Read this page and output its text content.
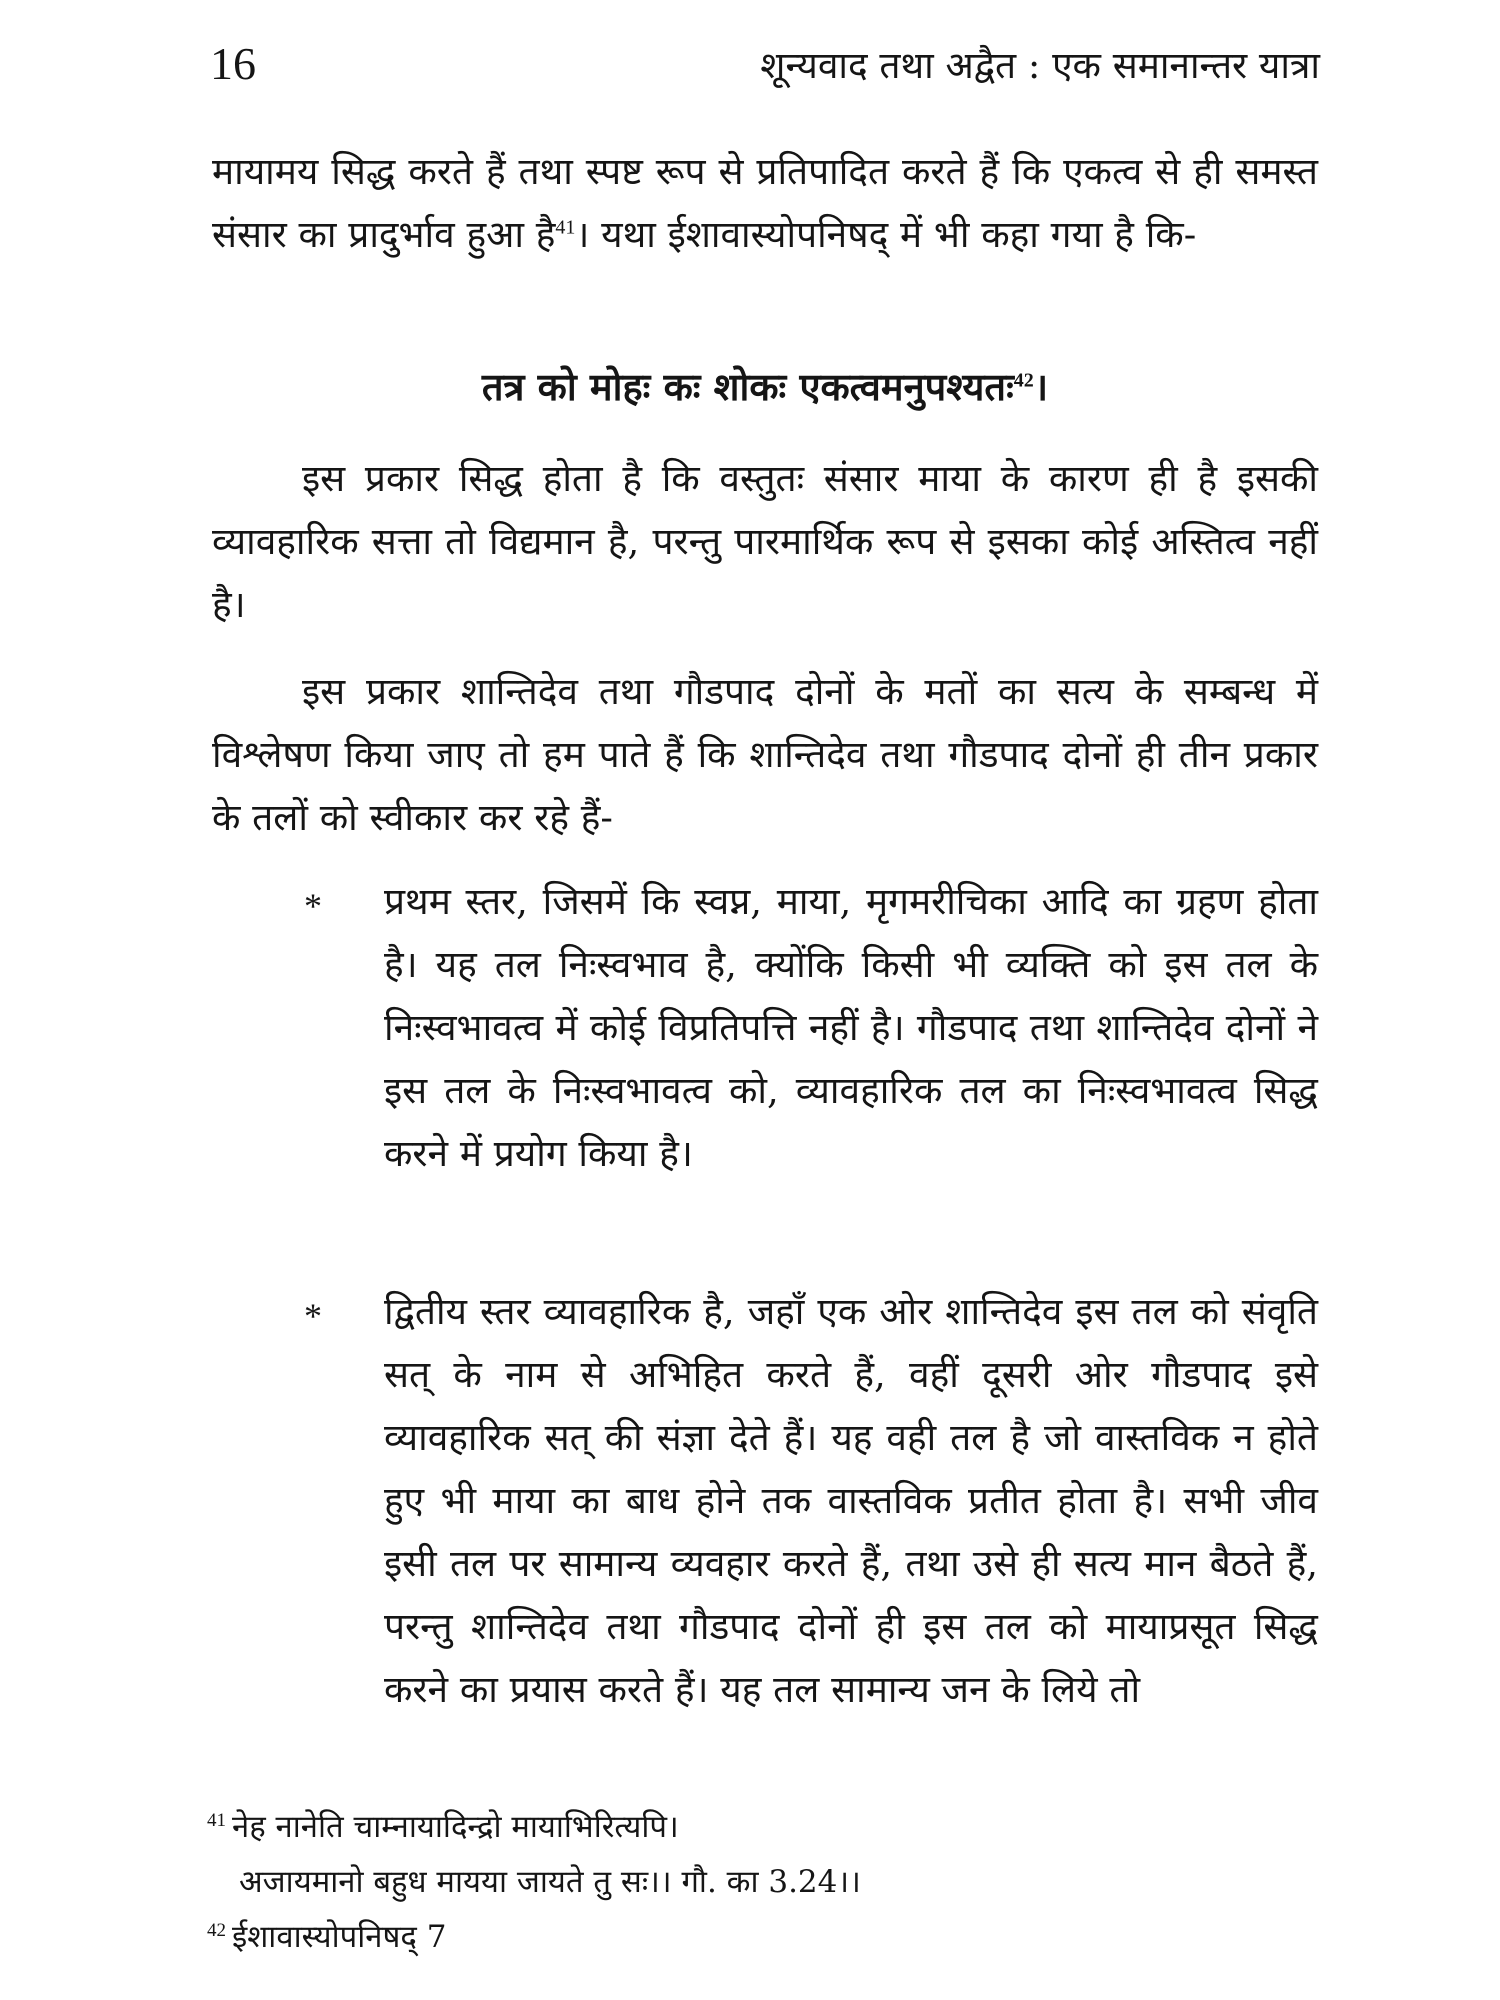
16	शून्यवाद तथा अद्वैत : एक समानान्तर यात्रा
मायामय सिद्ध करते हैं तथा स्पष्ट रूप से प्रतिपादित करते हैं कि एकत्व से ही समस्त संसार का प्रादुर्भाव हुआ है$^{41}$। यथा ईशावास्योपनिषद् में भी कहा गया है कि-
तत्र को मोहः कः शोकः एकत्वमनुपश्यतः$^{42}$।
इस प्रकार सिद्ध होता है कि वस्तुतः संसार माया के कारण ही है इसकी व्यावहारिक सत्ता तो विद्यमान है, परन्तु पारमार्थिक रूप से इसका कोई अस्तित्व नहीं है।
इस प्रकार शान्तिदेव तथा गौडपाद दोनों के मतों का सत्य के सम्बन्ध में विश्लेषण किया जाए तो हम पाते हैं कि शान्तिदेव तथा गौडपाद दोनों ही तीन प्रकार के तलों को स्वीकार कर रहे हैं-
* प्रथम स्तर, जिसमें कि स्वप्न, माया, मृगमरीचिका आदि का ग्रहण होता है। यह तल निःस्वभाव है, क्योंकि किसी भी व्यक्ति को इस तल के निःस्वभावत्व में कोई विप्रतिपत्ति नहीं है। गौडपाद तथा शान्तिदेव दोनों ने इस तल के निःस्वभावत्व को, व्यावहारिक तल का निःस्वभावत्व सिद्ध करने में प्रयोग किया है।
* द्वितीय स्तर व्यावहारिक है, जहाँ एक ओर शान्तिदेव इस तल को संवृति सत् के नाम से अभिहित करते हैं, वहीं दूसरी ओर गौडपाद इसे व्यावहारिक सत् की संज्ञा देते हैं। यह वही तल है जो वास्तविक न होते हुए भी माया का बाध होने तक वास्तविक प्रतीत होता है। सभी जीव इसी तल पर सामान्य व्यवहार करते हैं, तथा उसे ही सत्य मान बैठते हैं, परन्तु शान्तिदेव तथा गौडपाद दोनों ही इस तल को मायाप्रसूत सिद्ध करने का प्रयास करते हैं। यह तल सामान्य जन के लिये तो
$^{41}$ नेह नानेति चाम्नायादिन्द्रो मायाभिरित्यपि।
अजायमानो बहुध मायया जायते तु सः।। गौ. का 3.24।।
$^{42}$ ईशावास्योपनिषद् 7
